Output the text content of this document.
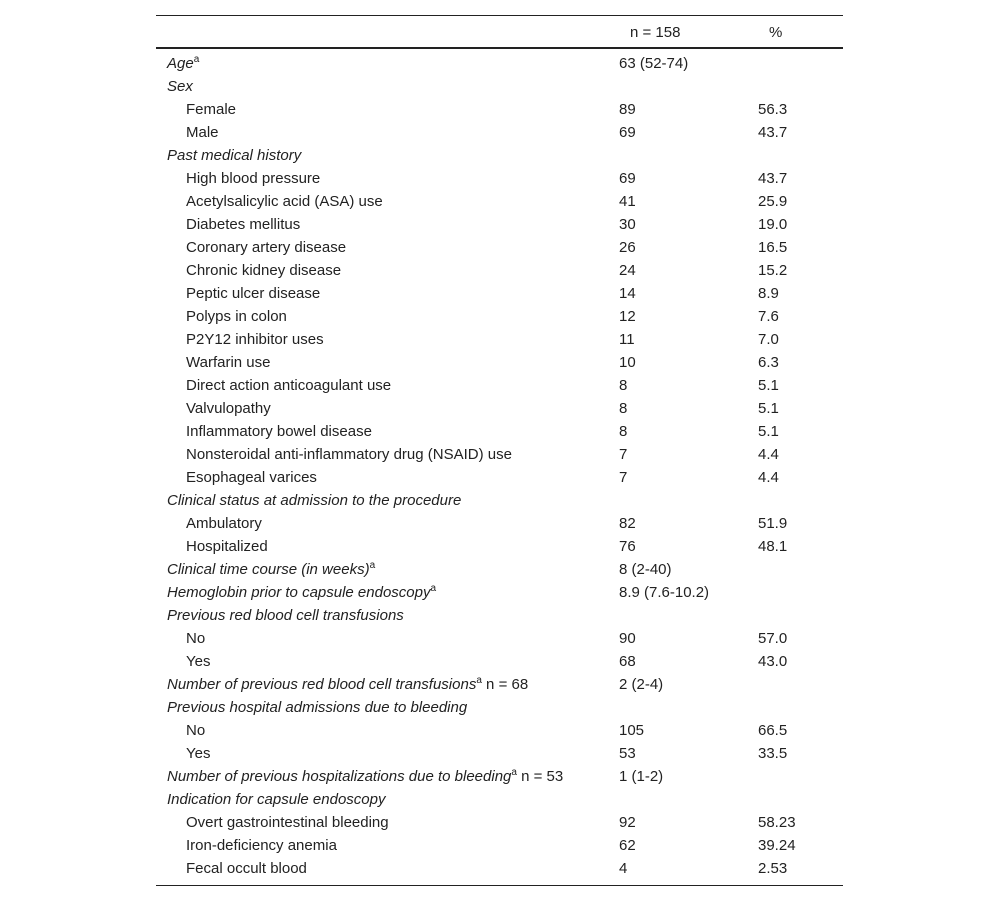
n = 158	%
Age$^a$	63 (52-74)
Sex
Female	89	56.3
Male	69	43.7
Past medical history
High blood pressure	69	43.7
Acetylsalicylic acid (ASA) use	41	25.9
Diabetes mellitus	30	19.0
Coronary artery disease	26	16.5
Chronic kidney disease	24	15.2
Peptic ulcer disease	14	8.9
Polyps in colon	12	7.6
P2Y12 inhibitor uses	11	7.0
Warfarin use	10	6.3
Direct action anticoagulant use	8	5.1
Valvulopathy	8	5.1
Inflammatory bowel disease	8	5.1
Nonsteroidal anti-inflammatory drug (NSAID) use	7	4.4
Esophageal varices	7	4.4
Clinical status at admission to the procedure
Ambulatory	82	51.9
Hospitalized	76	48.1
Clinical time course (in weeks)$^a$	8 (2-40)
Hemoglobin prior to capsule endoscopy$^a$	8.9 (7.6-10.2)
Previous red blood cell transfusions
No	90	57.0
Yes	68	43.0
Number of previous red blood cell transfusions$^a$ n = 68	2 (2-4)
Previous hospital admissions due to bleeding
No	105	66.5
Yes	53	33.5
Number of previous hospitalizations due to bleeding$^a$ n = 53	1 (1-2)
Indication for capsule endoscopy
Overt gastrointestinal bleeding	92	58.23
Iron-deficiency anemia	62	39.24
Fecal occult blood	4	2.53
